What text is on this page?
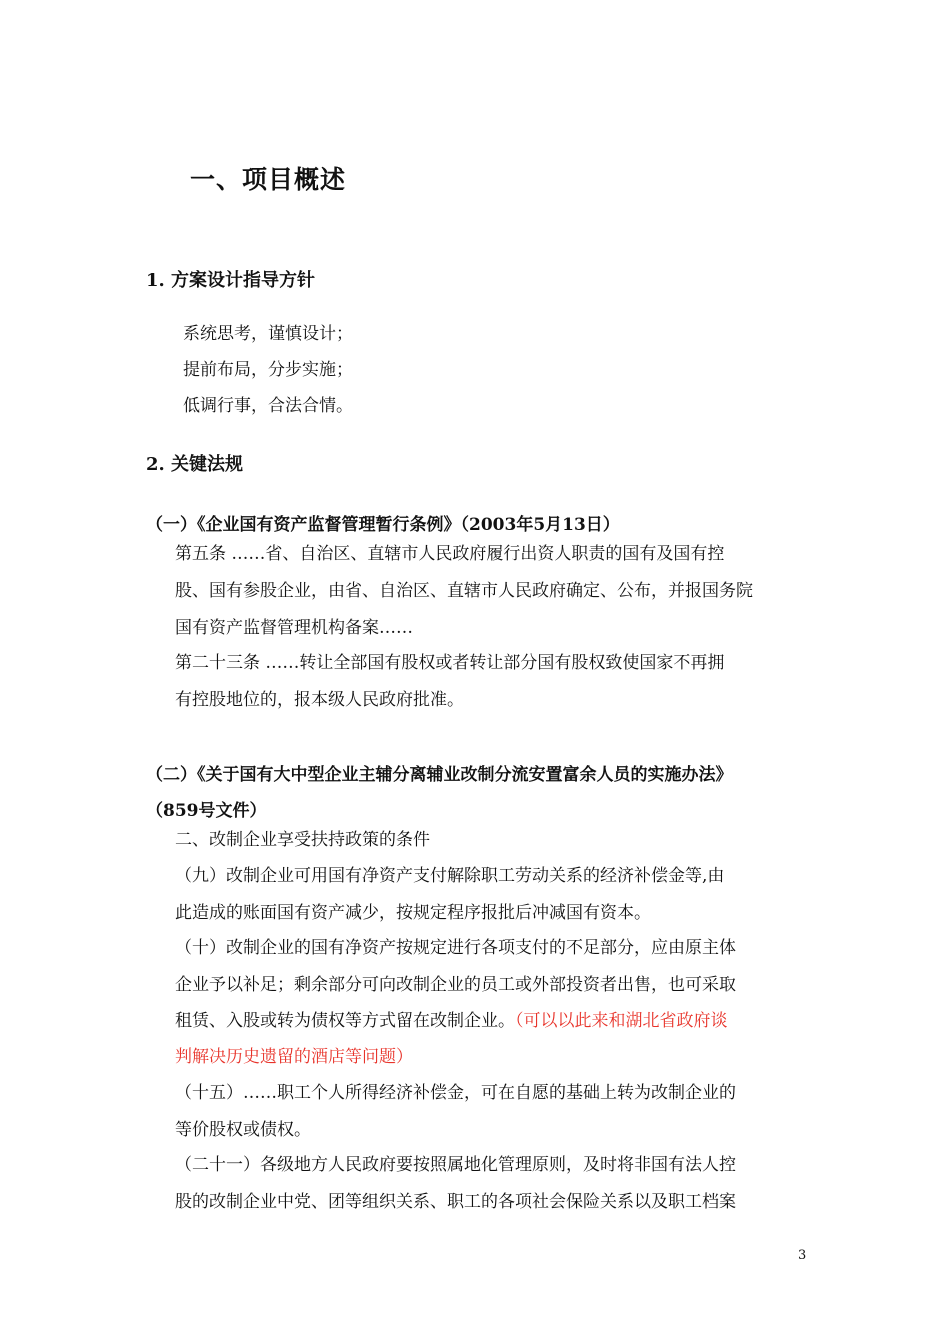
一、项目概述
1. 方案设计指导方针
系统思考，谨慎设计；
提前布局，分步实施；
低调行事，合法合情。
2. 关键法规
（一）《企业国有资产监督管理暂行条例》（2003年5月13日）
第五条 ……省、自治区、直辖市人民政府履行出资人职责的国有及国有控
股、国有参股企业，由省、自治区、直辖市人民政府确定、公布，并报国务院
国有资产监督管理机构备案……
第二十三条 ……转让全部国有股权或者转让部分国有股权致使国家不再拥
有控股地位的，报本级人民政府批准。
（二）《关于国有大中型企业主辅分离辅业改制分流安置富余人员的实施办法》
（859号文件）
二、改制企业享受扶持政策的条件
（九）改制企业可用国有净资产支付解除职工劳动关系的经济补偿金等,由
此造成的账面国有资产减少，按规定程序报批后冲减国有资本。
（十）改制企业的国有净资产按规定进行各项支付的不足部分，应由原主体
企业予以补足；剩余部分可向改制企业的员工或外部投资者出售，也可采取
租赁、入股或转为债权等方式留在改制企业。（可以以此来和湖北省政府谈
判解决历史遗留的酒店等问题）
（十五）……职工个人所得经济补偿金，可在自愿的基础上转为改制企业的
等价股权或债权。
（二十一）各级地方人民政府要按照属地化管理原则，及时将非国有法人控
股的改制企业中党、团等组织关系、职工的各项社会保险关系以及职工档案
3
